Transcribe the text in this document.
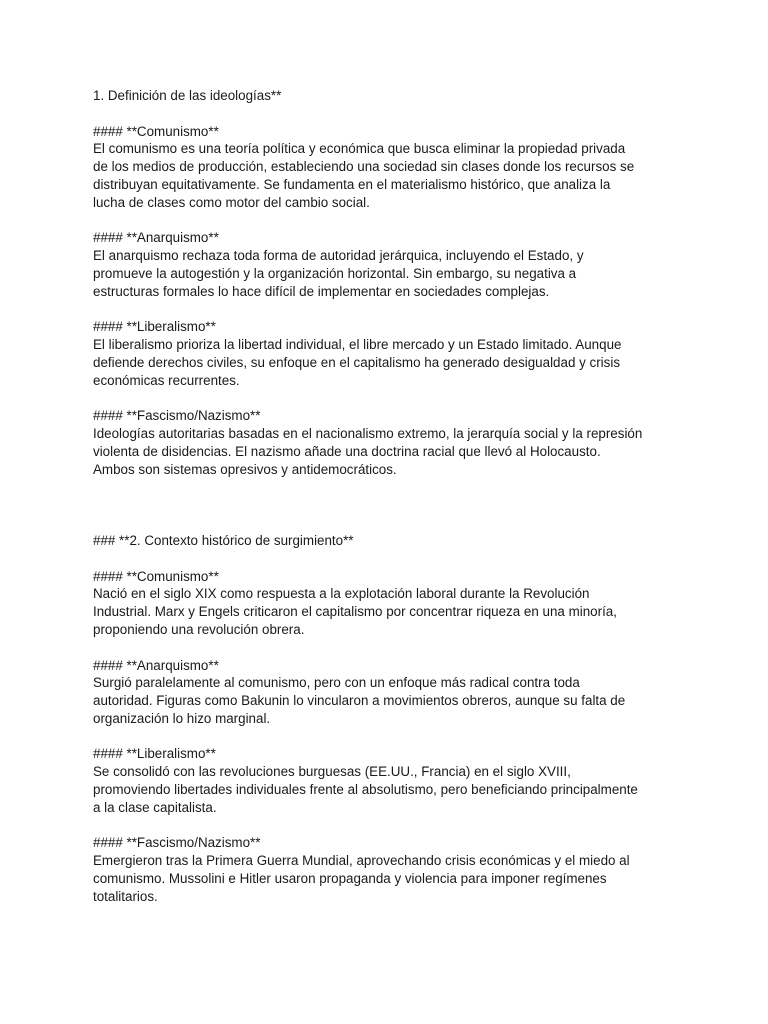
1. Definición de las ideologías**
#### **Comunismo**
El comunismo es una teoría política y económica que busca eliminar la propiedad privada
de los medios de producción, estableciendo una sociedad sin clases donde los recursos se
distribuyan equitativamente. Se fundamenta en el materialismo histórico, que analiza la
lucha de clases como motor del cambio social.
#### **Anarquismo**
El anarquismo rechaza toda forma de autoridad jerárquica, incluyendo el Estado, y
promueve la autogestión y la organización horizontal. Sin embargo, su negativa a
estructuras formales lo hace difícil de implementar en sociedades complejas.
#### **Liberalismo**
El liberalismo prioriza la libertad individual, el libre mercado y un Estado limitado. Aunque
defiende derechos civiles, su enfoque en el capitalismo ha generado desigualdad y crisis
económicas recurrentes.
#### **Fascismo/Nazismo**
Ideologías autoritarias basadas en el nacionalismo extremo, la jerarquía social y la represión
violenta de disidencias. El nazismo añade una doctrina racial que llevó al Holocausto.
Ambos son sistemas opresivos y antidemocráticos.
### **2. Contexto histórico de surgimiento**
#### **Comunismo**
Nació en el siglo XIX como respuesta a la explotación laboral durante la Revolución
Industrial. Marx y Engels criticaron el capitalismo por concentrar riqueza en una minoría,
proponiendo una revolución obrera.
#### **Anarquismo**
Surgió paralelamente al comunismo, pero con un enfoque más radical contra toda
autoridad. Figuras como Bakunin lo vincularon a movimientos obreros, aunque su falta de
organización lo hizo marginal.
#### **Liberalismo**
Se consolidó con las revoluciones burguesas (EE.UU., Francia) en el siglo XVIII,
promoviendo libertades individuales frente al absolutismo, pero beneficiando principalmente
a la clase capitalista.
#### **Fascismo/Nazismo**
Emergieron tras la Primera Guerra Mundial, aprovechando crisis económicas y el miedo al
comunismo. Mussolini e Hitler usaron propaganda y violencia para imponer regímenes
totalitarios.
